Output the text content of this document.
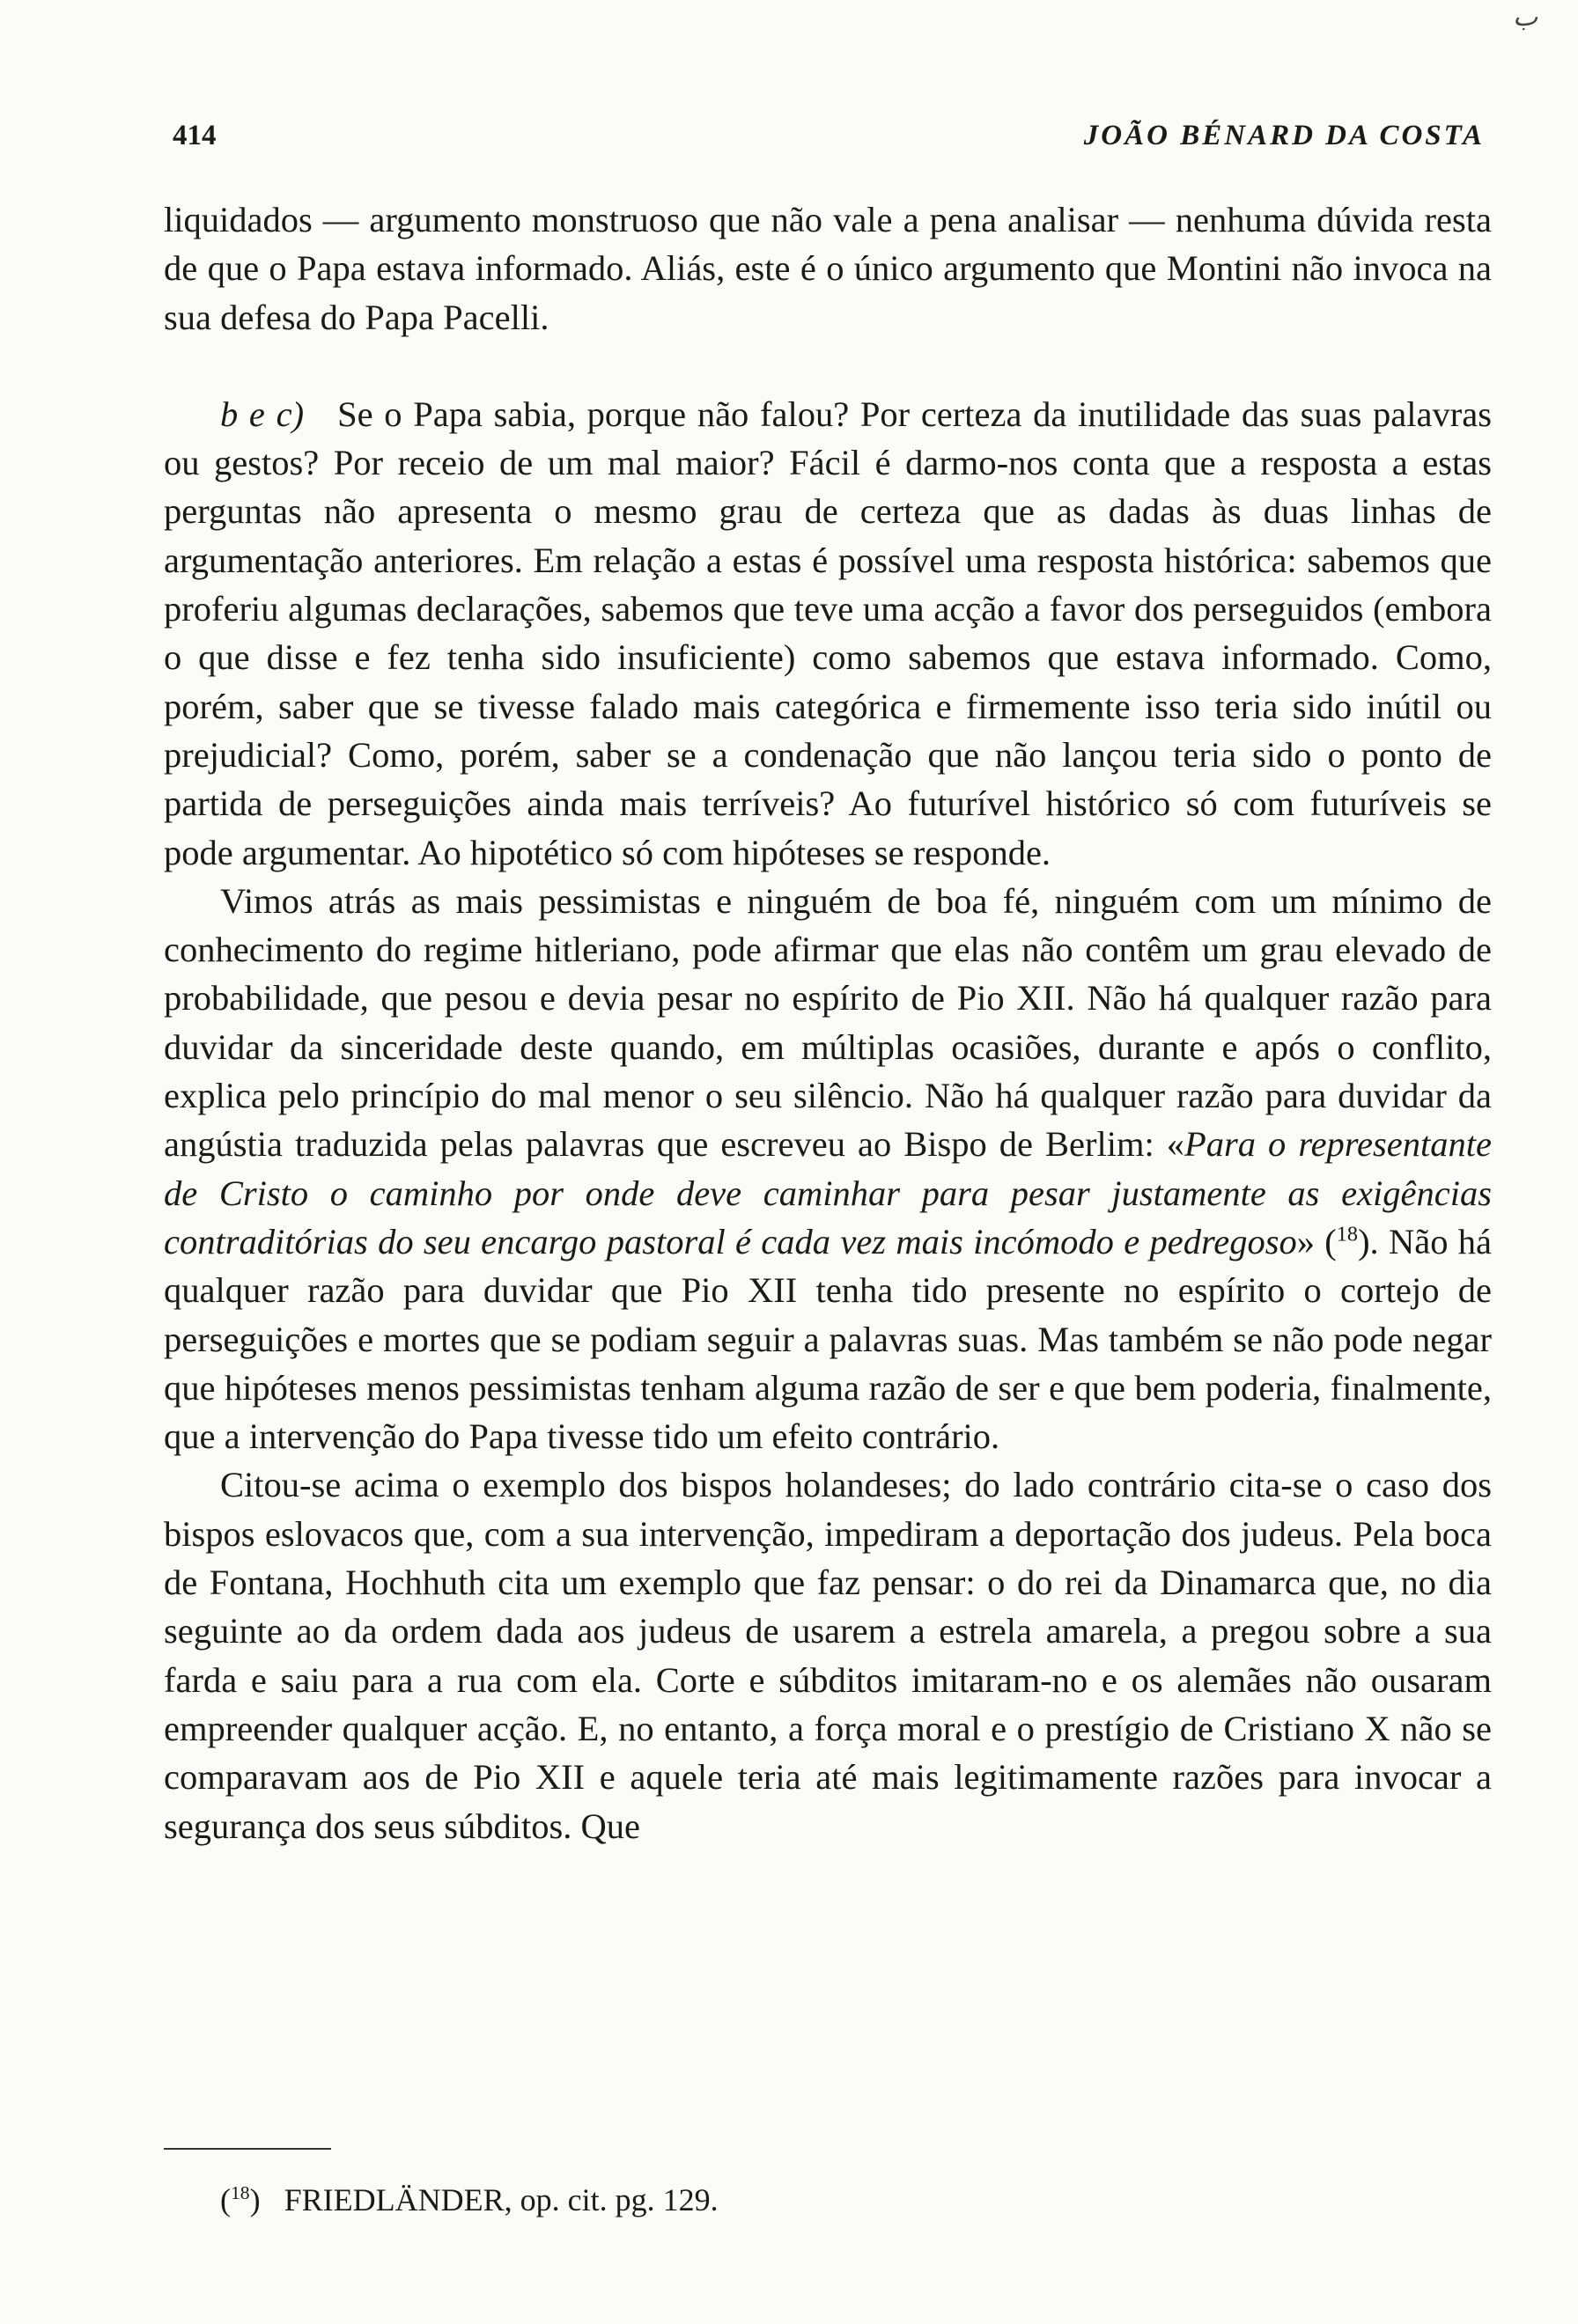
ب
414	JOÃO BÉNARD DA COSTA

liquidados — argumento monstruoso que não vale a pena analisar — nenhuma dúvida resta de que o Papa estava informado. Aliás, este é o único argumento que Montini não invoca na sua defesa do Papa Pacelli.

b e c) Se o Papa sabia, porque não falou? Por certeza da inutilidade das suas palavras ou gestos? Por receio de um mal maior? Fácil é darmo-nos conta que a resposta a estas perguntas não apresenta o mesmo grau de certeza que as dadas às duas linhas de argumentação anteriores. Em relação a estas é possível uma resposta histórica: sabemos que proferiu algumas declarações, sabemos que teve uma acção a favor dos perseguidos (embora o que disse e fez tenha sido insuficiente) como sabemos que estava informado. Como, porém, saber que se tivesse falado mais categórica e firmemente isso teria sido inútil ou prejudicial? Como, porém, saber se a condenação que não lançou teria sido o ponto de partida de perseguições ainda mais terríveis? Ao futurível histórico só com futuríveis se pode argumentar. Ao hipotético só com hipóteses se responde.

Vimos atrás as mais pessimistas e ninguém de boa fé, ninguém com um mínimo de conhecimento do regime hitleriano, pode afirmar que elas não contêm um grau elevado de probabilidade, que pesou e devia pesar no espírito de Pio XII. Não há qualquer razão para duvidar da sinceridade deste quando, em múltiplas ocasiões, durante e após o conflito, explica pelo princípio do mal menor o seu silêncio. Não há qualquer razão para duvidar da angústia traduzida pelas palavras que escreveu ao Bispo de Berlim: «Para o representante de Cristo o caminho por onde deve caminhar para pesar justamente as exigências contraditórias do seu encargo pastoral é cada vez mais incómodo e pedregoso» ($^{18}$). Não há qualquer razão para duvidar que Pio XII tenha tido presente no espírito o cortejo de perseguições e mortes que se podiam seguir a palavras suas. Mas também se não pode negar que hipóteses menos pessimistas tenham alguma razão de ser e que bem poderia, finalmente, que a intervenção do Papa tivesse tido um efeito contrário.

Citou-se acima o exemplo dos bispos holandeses; do lado contrário cita-se o caso dos bispos eslovacos que, com a sua intervenção, impediram a deportação dos judeus. Pela boca de Fontana, Hochhuth cita um exemplo que faz pensar: o do rei da Dinamarca que, no dia seguinte ao da ordem dada aos judeus de usarem a estrela amarela, a pregou sobre a sua farda e saiu para a rua com ela. Corte e súbditos imitaram-no e os alemães não ousaram empreender qualquer acção. E, no entanto, a força moral e o prestígio de Cristiano X não se comparavam aos de Pio XII e aquele teria até mais legitimamente razões para invocar a segurança dos seus súbditos. Que

($^{18}$)   FRIEDLÄNDER, op. cit. pg. 129.
